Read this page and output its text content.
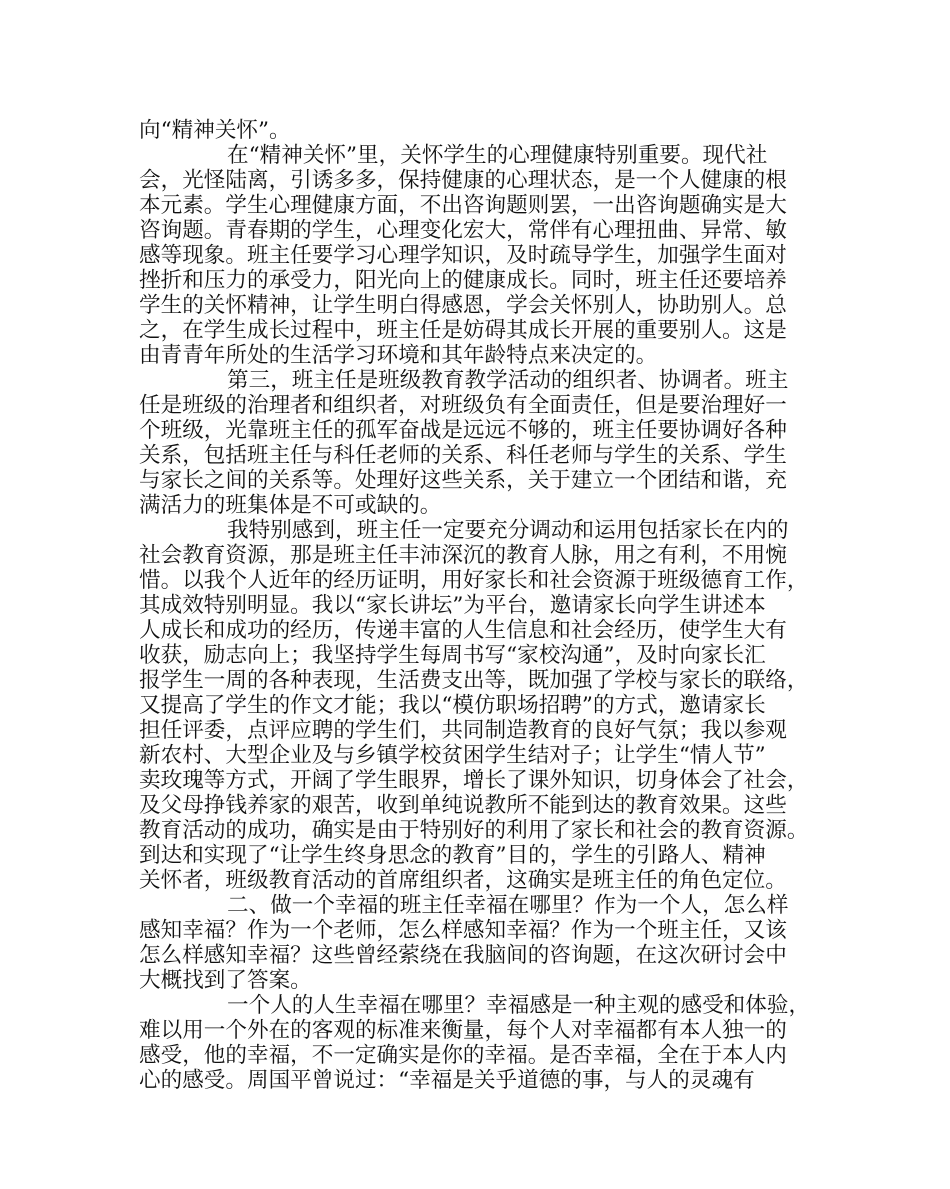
向“精神关怀”。
在“精神关怀”里，关怀学生的心理健康特别重要。现代社
会，光怪陆离，引诱多多，保持健康的心理状态，是一个人健康的根
本元素。学生心理健康方面，不出咨询题则罢，一出咨询题确实是大
咨询题。青春期的学生，心理变化宏大，常伴有心理扭曲、异常、敏
感等现象。班主任要学习心理学知识，及时疏导学生，加强学生面对
挫折和压力的承受力，阳光向上的健康成长。同时，班主任还要培养
学生的关怀精神，让学生明白得感恩，学会关怀别人，协助别人。总
之，在学生成长过程中，班主任是妨碍其成长开展的重要别人。这是
由青青年所处的生活学习环境和其年龄特点来决定的。
第三，班主任是班级教育教学活动的组织者、协调者。班主
任是班级的治理者和组织者，对班级负有全面责任，但是要治理好一
个班级，光靠班主任的孤军奋战是远远不够的，班主任要协调好各种
关系，包括班主任与科任老师的关系、科任老师与学生的关系、学生
与家长之间的关系等。处理好这些关系，关于建立一个团结和谐，充
满活力的班集体是不可或缺的。
我特别感到，班主任一定要充分调动和运用包括家长在内的
社会教育资源，那是班主任丰沛深沉的教育人脉，用之有利，不用惋
惜。以我个人近年的经历证明，用好家长和社会资源于班级德育工作，
其成效特别明显。我以“家长讲坛”为平台，邀请家长向学生讲述本
人成长和成功的经历，传递丰富的人生信息和社会经历，使学生大有
收获，励志向上；我坚持学生每周书写“家校沟通”，及时向家长汇
报学生一周的各种表现，生活费支出等，既加强了学校与家长的联络，
又提高了学生的作文才能；我以“模仿职场招聘”的方式，邀请家长
担任评委，点评应聘的学生们，共同制造教育的良好气氛；我以参观
新农村、大型企业及与乡镇学校贫困学生结对子；让学生“情人节”
卖玫瑰等方式，开阔了学生眼界，增长了课外知识，切身体会了社会，
及父母挣钱养家的艰苦，收到单纯说教所不能到达的教育效果。这些
教育活动的成功，确实是由于特别好的利用了家长和社会的教育资源。
到达和实现了“让学生终身思念的教育”目的，学生的引路人、精神
关怀者，班级教育活动的首席组织者，这确实是班主任的角色定位。
二、做一个幸福的班主任幸福在哪里？作为一个人，怎么样
感知幸福？作为一个老师，怎么样感知幸福？作为一个班主任，又该
怎么样感知幸福？这些曾经萦绕在我脑间的咨询题，在这次研讨会中
大概找到了答案。
一个人的人生幸福在哪里？幸福感是一种主观的感受和体验，
难以用一个外在的客观的标准来衡量，每个人对幸福都有本人独一的
感受，他的幸福，不一定确实是你的幸福。是否幸福，全在于本人内
心的感受。周国平曾说过：“幸福是关乎道德的事，与人的灵魂有
